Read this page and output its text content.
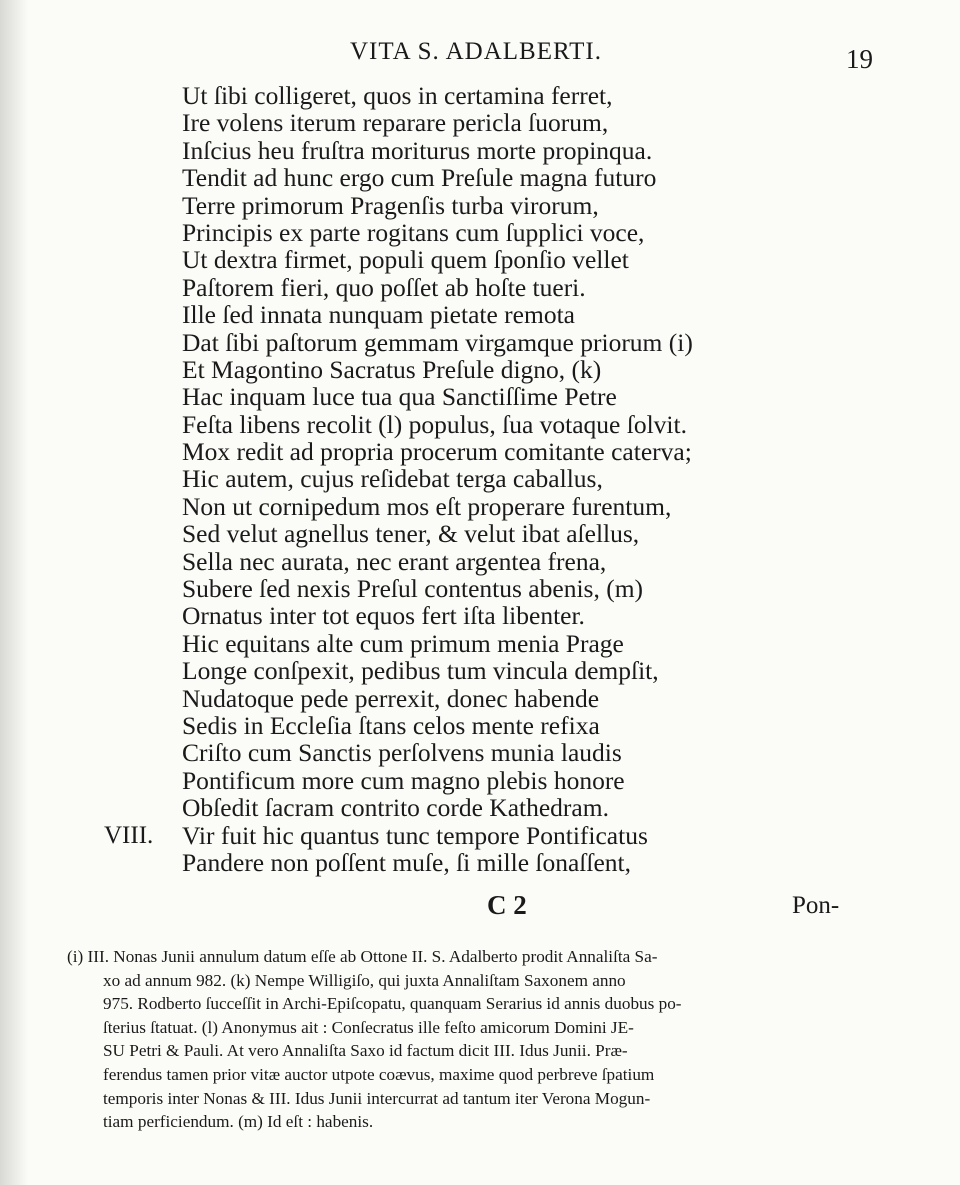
VITA S. ADALBERTI.	19
Ut ſibi colligeret, quos in certamina ferret,
Ire volens iterum reparare pericla ſuorum,
Inſcius heu fruſtra moriturus morte propinqua.
Tendit ad hunc ergo cum Preſule magna futuro
Terre primorum Pragenſis turba virorum,
Principis ex parte rogitans cum ſupplici voce,
Ut dextra firmet, populi quem ſponſio vellet
Paſtorem fieri, quo poſſet ab hoſte tueri.
Ille ſed innata nunquam pietate remota
Dat ſibi paſtorum gemmam virgamque priorum (i)
Et Magontino Sacratus Preſule digno, (k)
Hac inquam luce tua qua Sanctiſſime Petre
Feſta libens recolit (l) populus, ſua votaque ſolvit.
Mox redit ad propria procerum comitante caterva;
Hic autem, cujus reſidebat terga caballus,
Non ut cornipedum mos eſt properare furentum,
Sed velut agnellus tener, & velut ibat aſellus,
Sella nec aurata, nec erant argentea frena,
Subere ſed nexis Preſul contentus abenis, (m)
Ornatus inter tot equos fert iſta libenter.
Hic equitans alte cum primum menia Prage
Longe conſpexit, pedibus tum vincula dempſit,
Nudatoque pede perrexit, donec habende
Sedis in Eccleſia ſtans celos mente refixa
Criſto cum Sanctis perſolvens munia laudis
Pontificum more cum magno plebis honore
Obſedit ſacram contrito corde Kathedram.
VIII. Vir fuit hic quantus tunc tempore Pontificatus
Pandere non poſſent muſe, ſi mille ſonaſſent,
C 2	Pon-
(i) III. Nonas Junii annulum datum eſſe ab Ottone II. S. Adalberto prodit Annaliſta Sa-
xo ad annum 982. (k) Nempe Willigiſo, qui juxta Annaliſtam Saxonem anno
975. Rodberto ſucceſſit in Archi-Epiſcopatu, quanquam Serarius id annis duobus po-
ſterius ſtatuat. (l) Anonymus ait : Conſecratus ille feſto amicorum Domini JE-
SU Petri & Pauli. At vero Annaliſta Saxo id factum dicit III. Idus Junii. Præ-
ferendus tamen prior vitæ auctor utpote coævus, maxime quod perbreve ſpatium
temporis inter Nonas & III. Idus Junii intercurrat ad tantum iter Verona Mogun-
tiam perficiendum. (m) Id eſt : habenis.
